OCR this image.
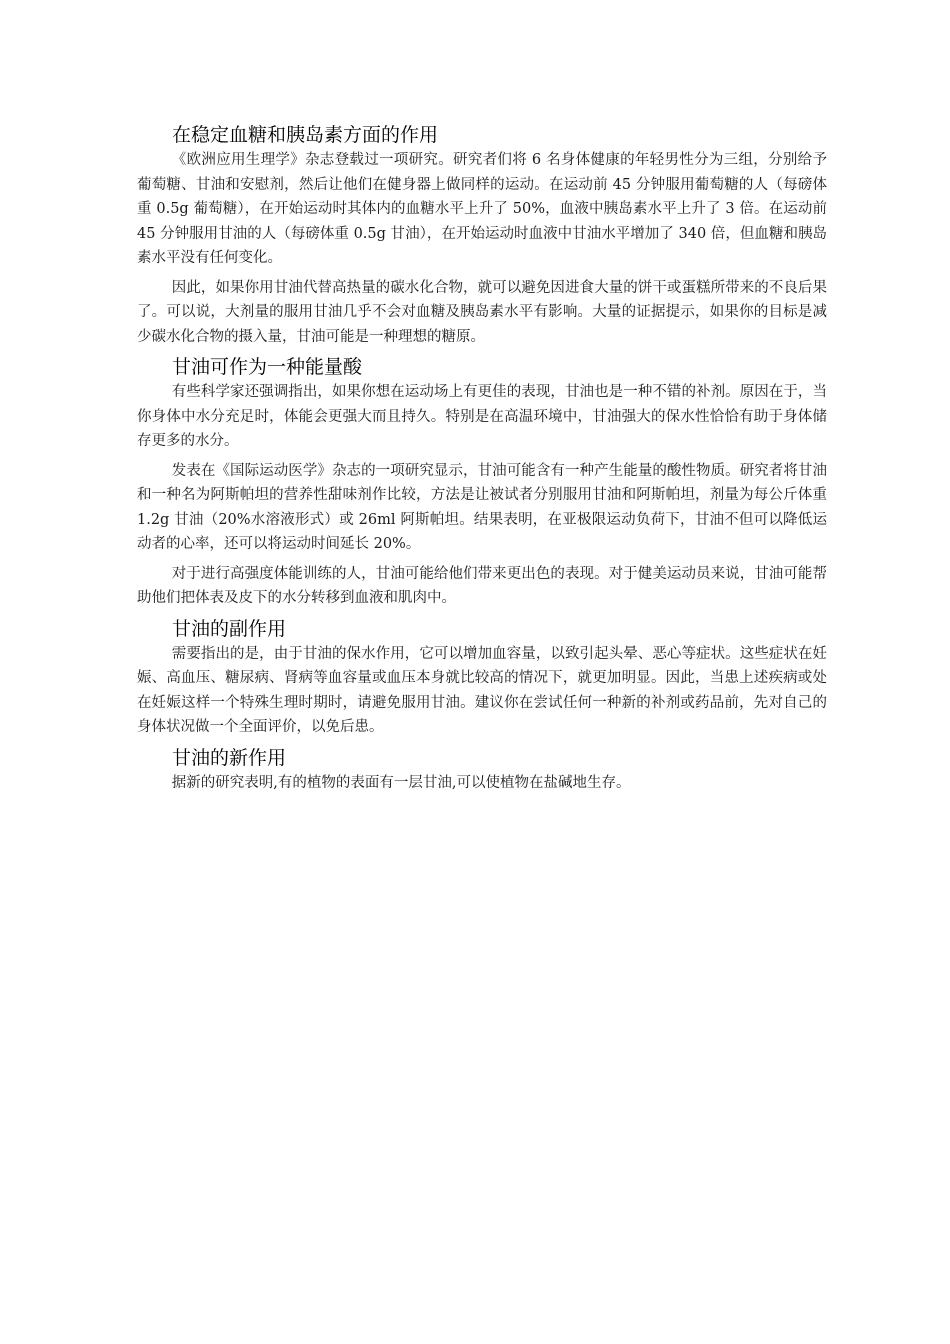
在稳定血糖和胰岛素方面的作用

《欧洲应用生理学》杂志登载过一项研究。研究者们将 6 名身体健康的年轻男性分为三组，分别给予葡萄糖、甘油和安慰剂，然后让他们在健身器上做同样的运动。在运动前 45 分钟服用葡萄糖的人（每磅体重 0.5g 葡萄糖），在开始运动时其体内的血糖水平上升了 50%，血液中胰岛素水平上升了 3 倍。在运动前 45 分钟服用甘油的人（每磅体重 0.5g 甘油），在开始运动时血液中甘油水平增加了 340 倍，但血糖和胰岛素水平没有任何变化。

因此，如果你用甘油代替高热量的碳水化合物，就可以避免因进食大量的饼干或蛋糕所带来的不良后果了。可以说，大剂量的服用甘油几乎不会对血糖及胰岛素水平有影响。大量的证据提示，如果你的目标是减少碳水化合物的摄入量，甘油可能是一种理想的糖原。

甘油可作为一种能量酸

有些科学家还强调指出，如果你想在运动场上有更佳的表现，甘油也是一种不错的补剂。原因在于，当你身体中水分充足时，体能会更强大而且持久。特别是在高温环境中，甘油强大的保水性恰恰有助于身体储存更多的水分。

发表在《国际运动医学》杂志的一项研究显示，甘油可能含有一种产生能量的酸性物质。研究者将甘油和一种名为阿斯帕坦的营养性甜味剂作比较，方法是让被试者分别服用甘油和阿斯帕坦，剂量为每公斤体重 1.2g 甘油（20%水溶液形式）或 26ml 阿斯帕坦。结果表明，在亚极限运动负荷下，甘油不但可以降低运动者的心率，还可以将运动时间延长 20%。

对于进行高强度体能训练的人，甘油可能给他们带来更出色的表现。对于健美运动员来说，甘油可能帮助他们把体表及皮下的水分转移到血液和肌肉中。

甘油的副作用

需要指出的是，由于甘油的保水作用，它可以增加血容量，以致引起头晕、恶心等症状。这些症状在妊娠、高血压、糖尿病、肾病等血容量或血压本身就比较高的情况下，就更加明显。因此，当患上述疾病或处在妊娠这样一个特殊生理时期时，请避免服用甘油。建议你在尝试任何一种新的补剂或药品前，先对自己的身体状况做一个全面评价，以免后患。

甘油的新作用

据新的研究表明,有的植物的表面有一层甘油,可以使植物在盐碱地生存。
